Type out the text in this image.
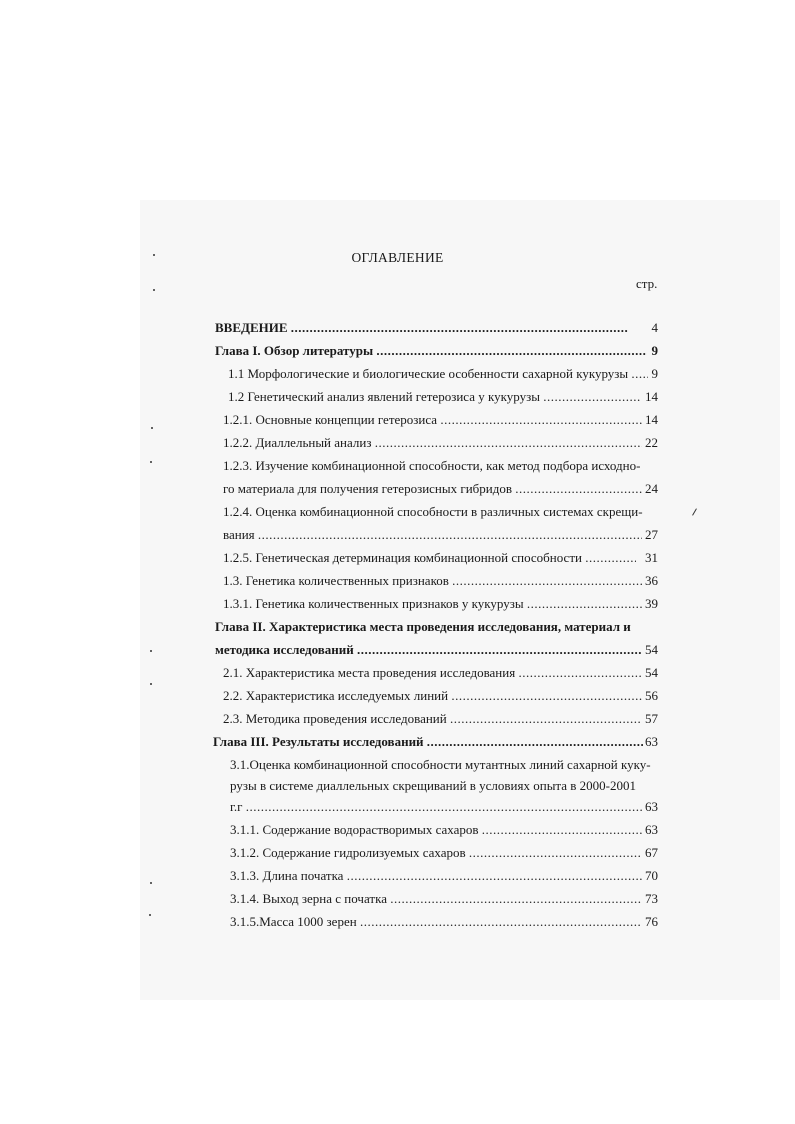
ОГЛАВЛЕНИЕ
стр.
ВВЕДЕНИЕ .....	4
Глава I. Обзор литературы .....	9
1.1 Морфологические и биологические особенности сахарной кукурузы .....	9
1.2 Генетический анализ явлений гетерозиса у кукурузы .....	14
1.2.1. Основные концепции гетерозиса .....	14
1.2.2. Диаллельный анализ .....	22
1.2.3. Изучение комбинационной способности, как метод подбора исходно-
го материала для получения гетерозисных гибридов .....	24
1.2.4. Оценка комбинационной способности в различных системах скрещи-
вания .....	27
1.2.5. Генетическая детерминация комбинационной способности .....	31
1.3. Генетика количественных признаков .....	36
1.3.1. Генетика количественных признаков у кукурузы .....	39
Глава II. Характеристика места проведения исследования, материал и
методика исследований .....	54
2.1. Характеристика места проведения исследования .....	54
2.2. Характеристика исследуемых линий .....	56
2.3. Методика проведения исследований .....	57
Глава III. Результаты исследований .....	63
3.1.Оценка комбинационной способности мутантных линий сахарной куку-
рузы в системе диаллельных скрещиваний в условиях опыта в 2000-2001
г.г .....	63
3.1.1. Содержание водорастворимых сахаров .....	63
3.1.2. Содержание гидролизуемых сахаров .....	67
3.1.3. Длина початка .....	70
3.1.4. Выход зерна с початка .....	73
3.1.5.Масса 1000 зерен .....	76
